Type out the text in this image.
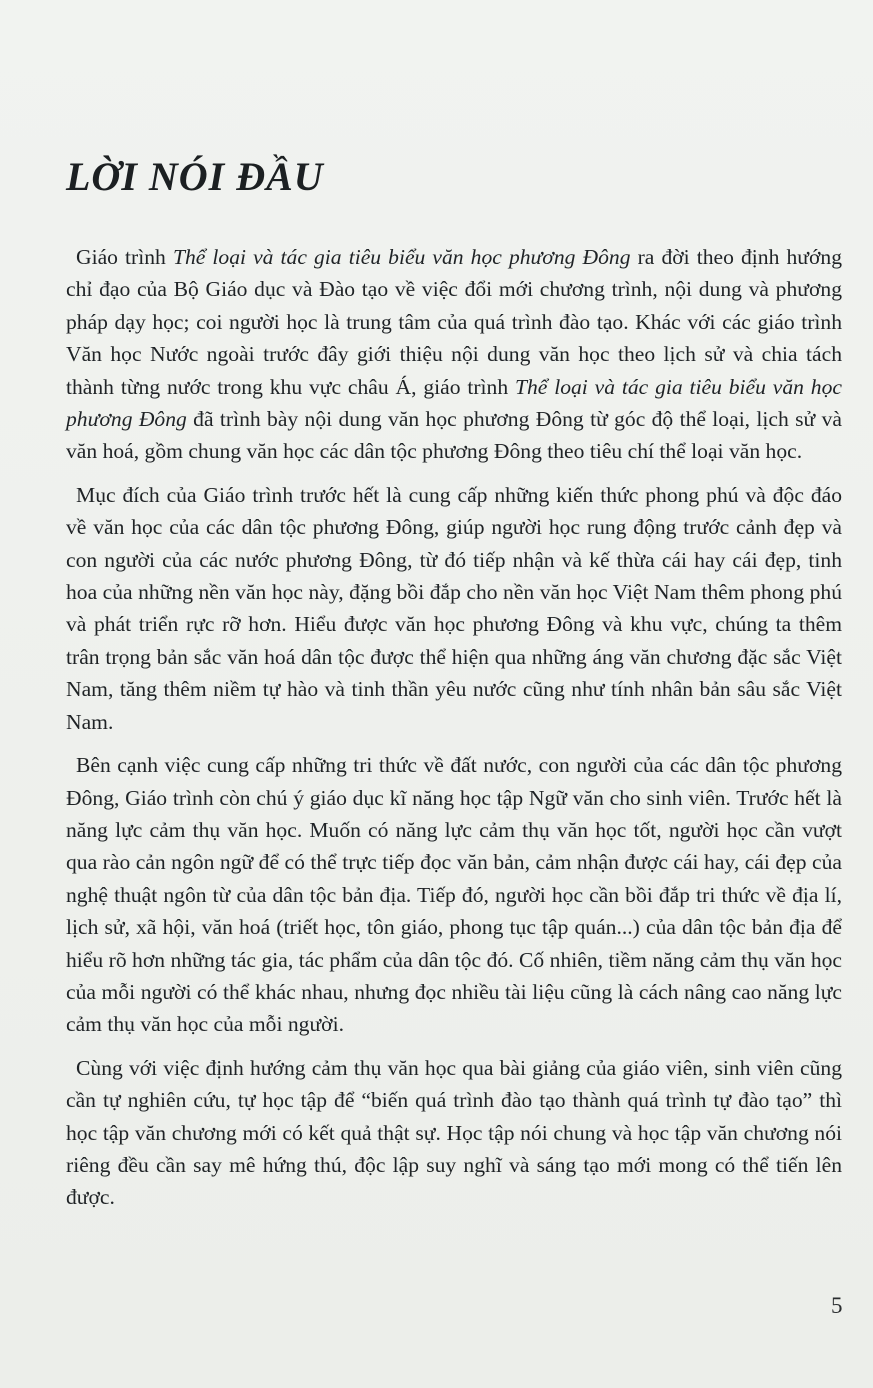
LỜI NÓI ĐẦU

Giáo trình Thể loại và tác gia tiêu biểu văn học phương Đông ra đời theo định hướng chỉ đạo của Bộ Giáo dục và Đào tạo về việc đổi mới chương trình, nội dung và phương pháp dạy học; coi người học là trung tâm của quá trình đào tạo. Khác với các giáo trình Văn học Nước ngoài trước đây giới thiệu nội dung văn học theo lịch sử và chia tách thành từng nước trong khu vực châu Á, giáo trình Thể loại và tác gia tiêu biểu văn học phương Đông đã trình bày nội dung văn học phương Đông từ góc độ thể loại, lịch sử và văn hoá, gồm chung văn học các dân tộc phương Đông theo tiêu chí thể loại văn học.

Mục đích của Giáo trình trước hết là cung cấp những kiến thức phong phú và độc đáo về văn học của các dân tộc phương Đông, giúp người học rung động trước cảnh đẹp và con người của các nước phương Đông, từ đó tiếp nhận và kế thừa cái hay cái đẹp, tinh hoa của những nền văn học này, đặng bồi đắp cho nền văn học Việt Nam thêm phong phú và phát triển rực rỡ hơn. Hiểu được văn học phương Đông và khu vực, chúng ta thêm trân trọng bản sắc văn hoá dân tộc được thể hiện qua những áng văn chương đặc sắc Việt Nam, tăng thêm niềm tự hào và tinh thần yêu nước cũng như tính nhân bản sâu sắc Việt Nam.

Bên cạnh việc cung cấp những tri thức về đất nước, con người của các dân tộc phương Đông, Giáo trình còn chú ý giáo dục kĩ năng học tập Ngữ văn cho sinh viên. Trước hết là năng lực cảm thụ văn học. Muốn có năng lực cảm thụ văn học tốt, người học cần vượt qua rào cản ngôn ngữ để có thể trực tiếp đọc văn bản, cảm nhận được cái hay, cái đẹp của nghệ thuật ngôn từ của dân tộc bản địa. Tiếp đó, người học cần bồi đắp tri thức về địa lí, lịch sử, xã hội, văn hoá (triết học, tôn giáo, phong tục tập quán...) của dân tộc bản địa để hiểu rõ hơn những tác gia, tác phẩm của dân tộc đó. Cố nhiên, tiềm năng cảm thụ văn học của mỗi người có thể khác nhau, nhưng đọc nhiều tài liệu cũng là cách nâng cao năng lực cảm thụ văn học của mỗi người.

Cùng với việc định hướng cảm thụ văn học qua bài giảng của giáo viên, sinh viên cũng cần tự nghiên cứu, tự học tập để “biến quá trình đào tạo thành quá trình tự đào tạo” thì học tập văn chương mới có kết quả thật sự. Học tập nói chung và học tập văn chương nói riêng đều cần say mê hứng thú, độc lập suy nghĩ và sáng tạo mới mong có thể tiến lên được.

5
